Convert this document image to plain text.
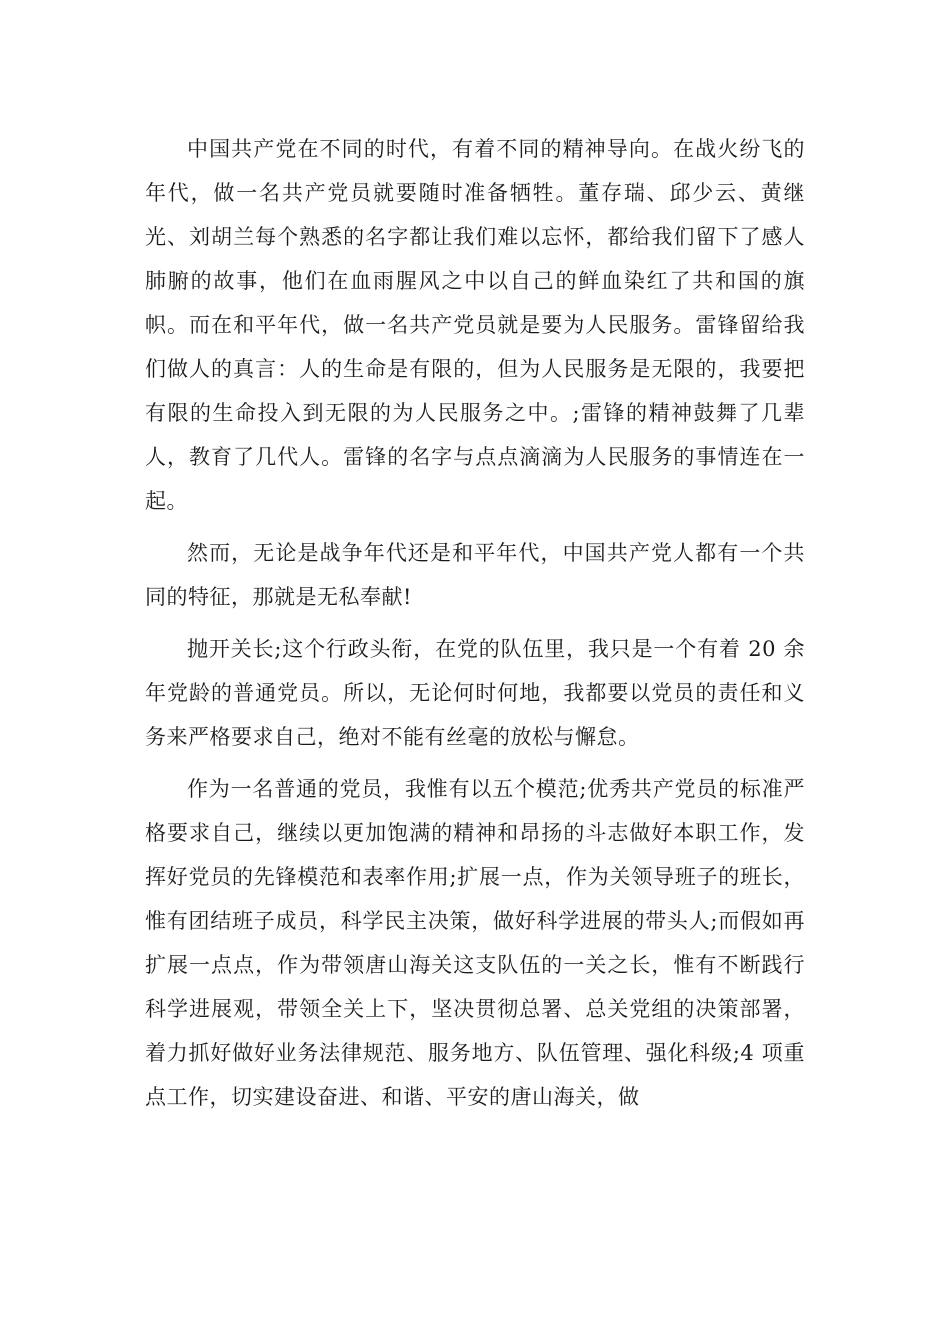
中国共产党在不同的时代，有着不同的精神导向。在战火纷飞的年代，做一名共产党员就要随时准备牺牲。董存瑞、邱少云、黄继光、刘胡兰每个熟悉的名字都让我们难以忘怀，都给我们留下了感人肺腑的故事，他们在血雨腥风之中以自己的鲜血染红了共和国的旗帜。而在和平年代，做一名共产党员就是要为人民服务。雷锋留给我们做人的真言：人的生命是有限的，但为人民服务是无限的，我要把有限的生命投入到无限的为人民服务之中。;雷锋的精神鼓舞了几辈人，教育了几代人。雷锋的名字与点点滴滴为人民服务的事情连在一起。

然而，无论是战争年代还是和平年代，中国共产党人都有一个共同的特征，那就是无私奉献!

抛开关长;这个行政头衔，在党的队伍里，我只是一个有着 20 余年党龄的普通党员。所以，无论何时何地，我都要以党员的责任和义务来严格要求自己，绝对不能有丝毫的放松与懈怠。

作为一名普通的党员，我惟有以五个模范;优秀共产党员的标准严格要求自己，继续以更加饱满的精神和昂扬的斗志做好本职工作，发挥好党员的先锋模范和表率作用;扩展一点，作为关领导班子的班长，惟有团结班子成员，科学民主决策，做好科学进展的带头人;而假如再扩展一点点，作为带领唐山海关这支队伍的一关之长，惟有不断践行科学进展观，带领全关上下，坚决贯彻总署、总关党组的决策部署，着力抓好做好业务法律规范、服务地方、队伍管理、强化科级;4 项重点工作，切实建设奋进、和谐、平安的唐山海关，做
